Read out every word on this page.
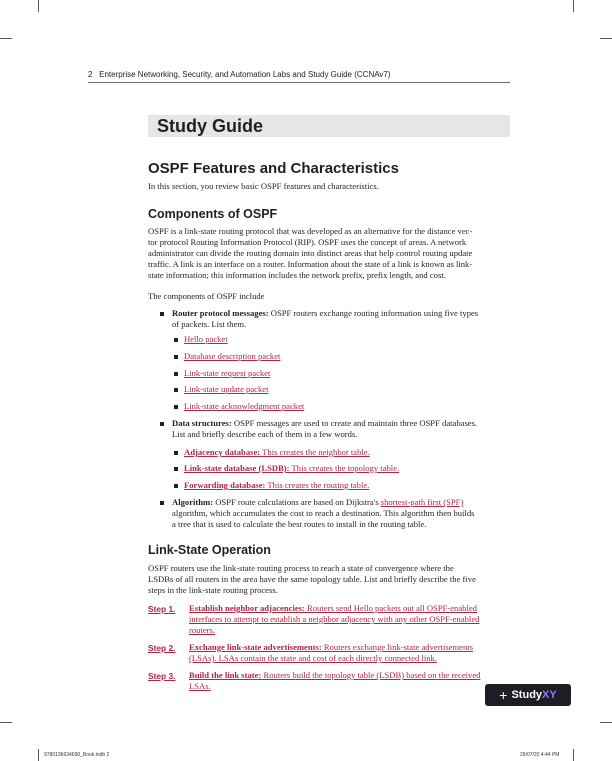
2 Enterprise Networking, Security, and Automation Labs and Study Guide (CCNAv7)
Study Guide
OSPF Features and Characteristics
In this section, you review basic OSPF features and characteristics.
Components of OSPF
OSPF is a link-state routing protocol that was developed as an alternative for the distance vec-
tor protocol Routing Information Protocol (RIP). OSPF uses the concept of areas. A network
administrator can divide the routing domain into distinct areas that help control routing update
traffic. A link is an interface on a router. Information about the state of a link is known as link-
state information; this information includes the network prefix, prefix length, and cost.
The components of OSPF include
Router protocol messages: OSPF routers exchange routing information using five types
of packets. List them.
Hello packet
Database description packet
Link-state request packet
Link-state update packet
Link-state acknowledgment packet
Data structures: OSPF messages are used to create and maintain three OSPF databases.
List and briefly describe each of them in a few words.
Adjacency database: This creates the neighbor table.
Link-state database (LSDB): This creates the topology table.
Forwarding database: This creates the routing table.
Algorithm: OSPF route calculations are based on Dijkstra's shortest-path first (SPF)
algorithm, which accumulates the cost to reach a destination. This algorithm then builds
a tree that is used to calculate the best routes to install in the routing table.
Link-State Operation
OSPF routers use the link-state routing process to reach a state of convergence where the
LSDBs of all routers in the area have the same topology table. List and briefly describe the five
steps in the link-state routing process.
Step 1. Establish neighbor adjacencies: Routers send Hello packets out all OSPF-enabled
interfaces to attempt to establish a neighbor adjacency with any other OSPF-enabled
routers.
Step 2. Exchange link-state advertisements: Routers exchange link-state advertisements
(LSAs). LSAs contain the state and cost of each directly connected link.
Step 3. Build the link state: Routers build the topology table (LSDB) based on the received
LSAs.
+ Study XY
9780136634690_Book.indb 2	29/07/20 4:44 PM
